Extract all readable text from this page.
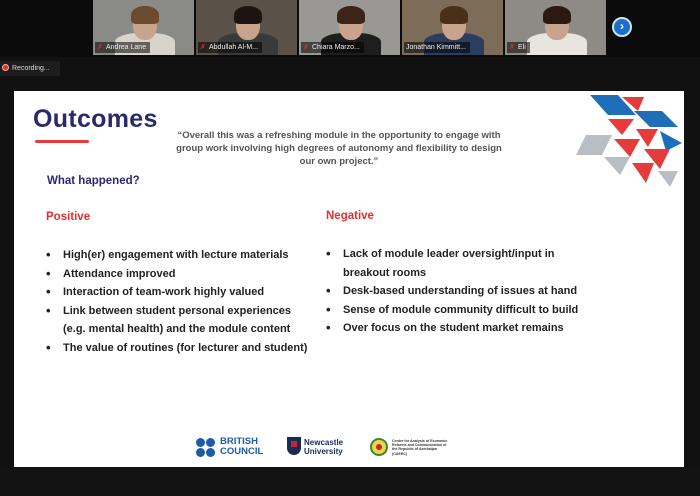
✗ Andrea Lane	✗ Abdullah Al-M...	✗ Chiara Marzo...	Jonathan Kimmitt...	✗ Eli
›
Recording...
Outcomes
“Overall this was a refreshing module in the opportunity to engage with group work involving high degrees of autonomy and flexibility to design our own project.”
What happened?
Positive
• High(er) engagement with lecture materials
• Attendance improved
• Interaction of team-work highly valued
• Link between student personal experiences (e.g. mental health) and the module content
• The value of routines (for lecturer and student)
Negative
• Lack of module leader oversight/input in breakout rooms
• Desk-based understanding of issues at hand
• Sense of module community difficult to build
• Over focus on the student market remains
BRITISH COUNCIL
Newcastle University
Center for Analysis of Economic Reforms and Communication of the Republic of Azerbaijan (CAERC)
